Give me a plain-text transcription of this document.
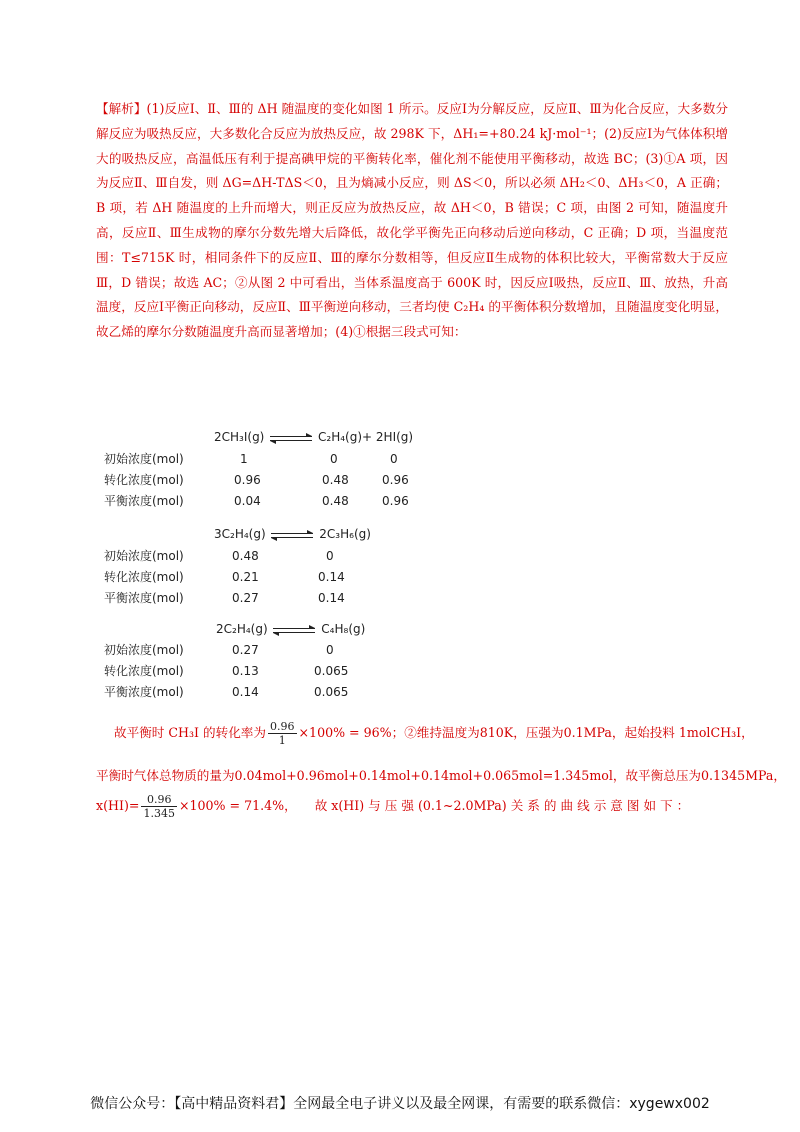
【解析】(1)反应Ⅰ、Ⅱ、Ⅲ的 ΔH 随温度的变化如图 1 所示。反应Ⅰ为分解反应，反应Ⅱ、Ⅲ为化合反应，大多数分解反应为吸热反应，大多数化合反应为放热反应，故 298K 下，ΔH₁=+80.24 kJ·mol⁻¹；(2)反应Ⅰ为气体体积增大的吸热反应，高温低压有利于提高碘甲烷的平衡转化率，催化剂不能使用平衡移动，故选 BC；(3)①A 项，因为反应Ⅱ、Ⅲ自发，则 ΔG=ΔH-TΔS＜0，且为熵减小反应，则 ΔS＜0，所以必须 ΔH₂＜0、ΔH₃＜0，A 正确；B 项，若 ΔH 随温度的上升而增大，则正反应为放热反应，故 ΔH＜0，B 错误；C 项，由图 2 可知，随温度升高，反应Ⅱ、Ⅲ生成物的摩尔分数先增大后降低，故化学平衡先正向移动后逆向移动，C 正确；D 项，当温度范围：T≤715K 时，相同条件下的反应Ⅱ、Ⅲ的摩尔分数相等，但反应Ⅱ生成物的体积比较大，平衡常数大于反应Ⅲ，D 错误；故选 AC；②从图 2 中可看出，当体系温度高于 600K 时，因反应Ⅰ吸热，反应Ⅱ、Ⅲ、放热，升高温度，反应Ⅰ平衡正向移动，反应Ⅱ、Ⅲ平衡逆向移动，三者均使 C₂H₄ 的平衡体积分数增加，且随温度变化明显，故乙烯的摩尔分数随温度升高而显著增加；(4)①根据三段式可知：
2CH₃I(g)	C₂H₄(g)+ 2HI(g)
初始浓度(mol)	1	0	0
转化浓度(mol)	0.96	0.48	0.96
平衡浓度(mol)	0.04	0.48	0.96
3C₂H₄(g)	2C₃H₆(g)
初始浓度(mol)	0.48	0
转化浓度(mol)	0.21	0.14
平衡浓度(mol)	0.27	0.14
2C₂H₄(g)	C₄H₈(g)
初始浓度(mol)	0.27	0
转化浓度(mol)	0.13	0.065
平衡浓度(mol)	0.14	0.065
故平衡时 CH₃I 的转化率为 $\frac{0.96}{1} \times 100\% = 96\%$；②维持温度为810K，压强为0.1MPa，起始投料 1molCH₃I，
平衡时气体总物质的量为0.04mol+0.96mol+0.14mol+0.14mol+0.065mol=1.345mol，故平衡总压为0.1345MPa，
$x(HI)= \frac{0.96}{1.345} \times 100\% = 71.4\%$， 故 x(HI) 与 压 强 (0.1~2.0MPa) 关 系 的 曲 线 示 意 图 如 下 ：
微信公众号：【高中精品资料君】全网最全电子讲义以及最全网课，有需要的联系微信：xygewx002
